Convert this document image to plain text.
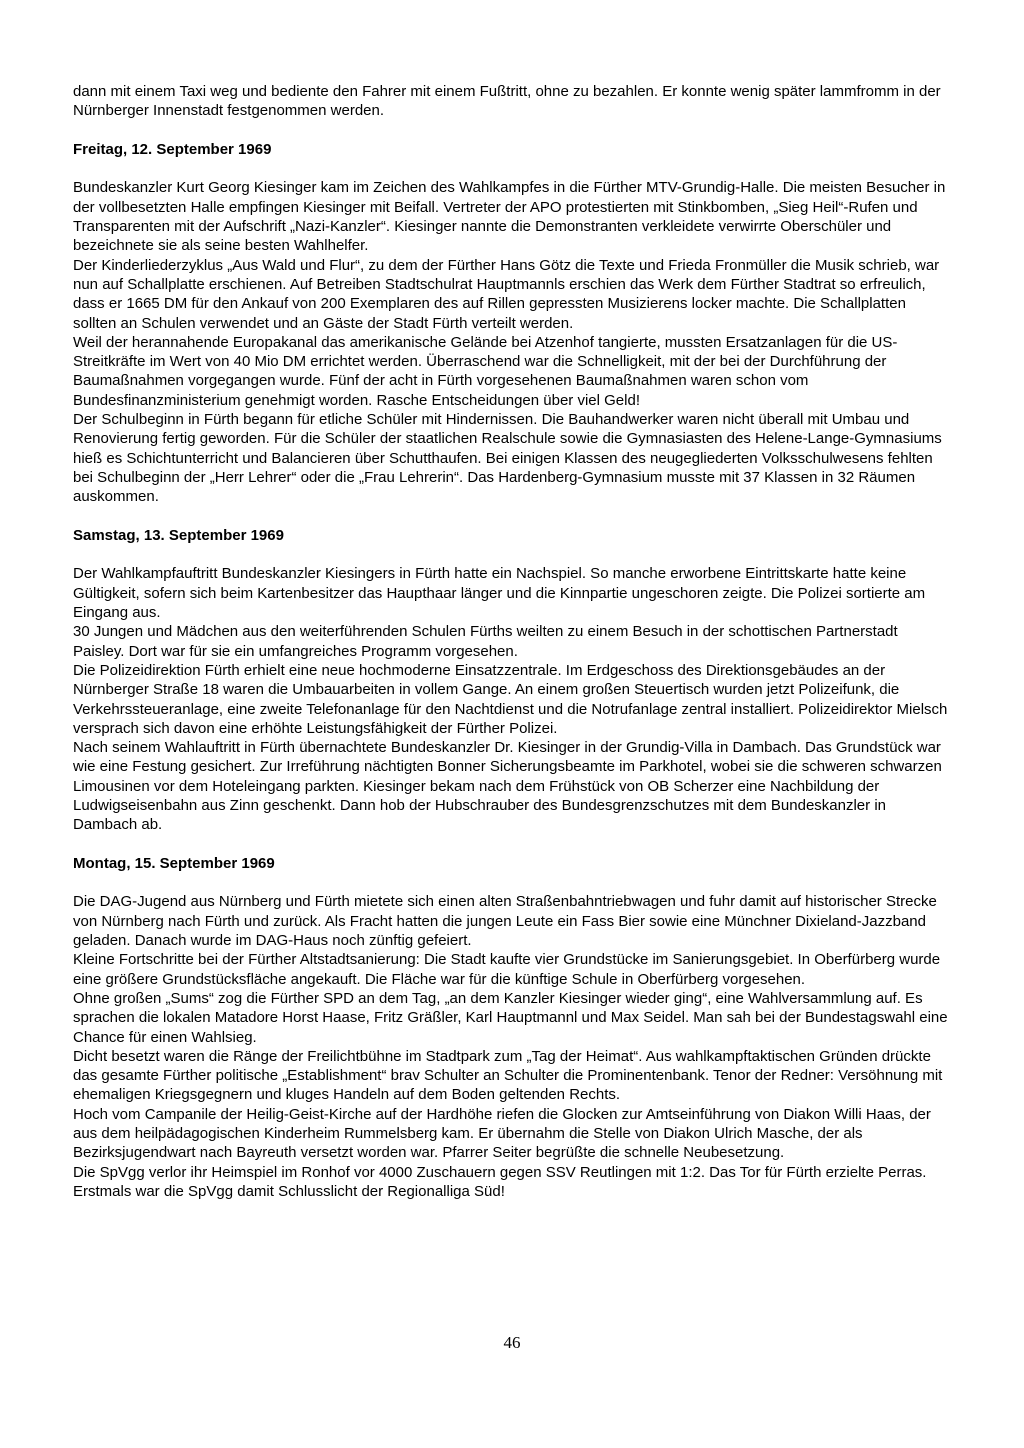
dann mit einem Taxi weg und bediente den Fahrer mit einem Fußtritt, ohne zu bezahlen. Er konnte wenig später lammfromm in der Nürnberger Innenstadt festgenommen werden.

Freitag, 12. September 1969

Bundeskanzler Kurt Georg Kiesinger kam im Zeichen des Wahlkampfes in die Fürther MTV-Grundig-Halle. Die meisten Besucher in der vollbesetzten Halle empfingen Kiesinger mit Beifall. Vertreter der APO protestierten mit Stinkbomben, „Sieg Heil“-Rufen und Transparenten mit der Aufschrift „Nazi-Kanzler“. Kiesinger nannte die Demonstranten verkleidete verwirrte Oberschüler und bezeichnete sie als seine besten Wahlhelfer.

Der Kinderliederzyklus „Aus Wald und Flur“, zu dem der Fürther Hans Götz die Texte und Frieda Fronmüller die Musik schrieb, war nun auf Schallplatte erschienen. Auf Betreiben Stadtschulrat Hauptmannls erschien das Werk dem Fürther Stadtrat so erfreulich, dass er 1665 DM für den Ankauf von 200 Exemplaren des auf Rillen gepressten Musizierens locker machte. Die Schallplatten sollten an Schulen verwendet und an Gäste der Stadt Fürth verteilt werden.

Weil der herannahende Europakanal das amerikanische Gelände bei Atzenhof tangierte, mussten Ersatzanlagen für die US-Streitkräfte im Wert von 40 Mio DM errichtet werden. Überraschend war die Schnelligkeit, mit der bei der Durchführung der Baumaßnahmen vorgegangen wurde. Fünf der acht in Fürth vorgesehenen Baumaßnahmen waren schon vom Bundesfinanzministerium genehmigt worden. Rasche Entscheidungen über viel Geld!

Der Schulbeginn in Fürth begann für etliche Schüler mit Hindernissen. Die Bauhandwerker waren nicht überall mit Umbau und Renovierung fertig geworden. Für die Schüler der staatlichen Realschule sowie die Gymnasiasten des Helene-Lange-Gymnasiums hieß es Schichtunterricht und Balancieren über Schutthaufen. Bei einigen Klassen des neugegliederten Volksschulwesens fehlten bei Schulbeginn der „Herr Lehrer“ oder die „Frau Lehrerin“. Das Hardenberg-Gymnasium musste mit 37 Klassen in 32 Räumen auskommen.

Samstag, 13. September 1969

Der Wahlkampfauftritt Bundeskanzler Kiesingers in Fürth hatte ein Nachspiel. So manche erworbene Eintrittskarte hatte keine Gültigkeit, sofern sich beim Kartenbesitzer das Haupthaar länger und die Kinnpartie ungeschoren zeigte. Die Polizei sortierte am Eingang aus.

30 Jungen und Mädchen aus den weiterführenden Schulen Fürths weilten zu einem Besuch in der schottischen Partnerstadt Paisley. Dort war für sie ein umfangreiches Programm vorgesehen.

Die Polizeidirektion Fürth erhielt eine neue hochmoderne Einsatzzentrale. Im Erdgeschoss des Direktionsgebäudes an der Nürnberger Straße 18 waren die Umbauarbeiten in vollem Gange. An einem großen Steuertisch wurden jetzt Polizeifunk, die Verkehrssteueranlage, eine zweite Telefonanlage für den Nachtdienst und die Notrufanlage zentral installiert. Polizeidirektor Mielsch versprach sich davon eine erhöhte Leistungsfähigkeit der Fürther Polizei.

Nach seinem Wahlauftritt in Fürth übernachtete Bundeskanzler Dr. Kiesinger in der Grundig-Villa in Dambach. Das Grundstück war wie eine Festung gesichert. Zur Irreführung nächtigten Bonner Sicherungsbeamte im Parkhotel, wobei sie die schweren schwarzen Limousinen vor dem Hoteleingang parkten. Kiesinger bekam nach dem Frühstück von OB Scherzer eine Nachbildung der Ludwigseisenbahn aus Zinn geschenkt. Dann hob der Hubschrauber des Bundesgrenzschutzes mit dem Bundeskanzler in Dambach ab.

Montag, 15. September 1969

Die DAG-Jugend aus Nürnberg und Fürth mietete sich einen alten Straßenbahntriebwagen und fuhr damit auf historischer Strecke von Nürnberg nach Fürth und zurück. Als Fracht hatten die jungen Leute ein Fass Bier sowie eine Münchner Dixieland-Jazzband geladen. Danach wurde im DAG-Haus noch zünftig gefeiert.

Kleine Fortschritte bei der Fürther Altstadtsanierung: Die Stadt kaufte vier Grundstücke im Sanierungsgebiet. In Oberfürberg wurde eine größere Grundstücksfläche angekauft. Die Fläche war für die künftige Schule in Oberfürberg vorgesehen.

Ohne großen „Sums“ zog die Fürther SPD an dem Tag, „an dem Kanzler Kiesinger wieder ging“, eine Wahlversammlung auf. Es sprachen die lokalen Matadore Horst Haase, Fritz Gräßler, Karl Hauptmannl und Max Seidel. Man sah bei der Bundestagswahl eine Chance für einen Wahlsieg.

Dicht besetzt waren die Ränge der Freilichtbühne im Stadtpark zum „Tag der Heimat“. Aus wahlkampftaktischen Gründen drückte das gesamte Fürther politische „Establishment“ brav Schulter an Schulter die Prominentenbank. Tenor der Redner: Versöhnung mit ehemaligen Kriegsgegnern und kluges Handeln auf dem Boden geltenden Rechts.

Hoch vom Campanile der Heilig-Geist-Kirche auf der Hardhöhe riefen die Glocken zur Amtseinführung von Diakon Willi Haas, der aus dem heilpädagogischen Kinderheim Rummelsberg kam. Er übernahm die Stelle von Diakon Ulrich Masche, der als Bezirksjugendwart nach Bayreuth versetzt worden war. Pfarrer Seiter begrüßte die schnelle Neubesetzung.

Die SpVgg verlor ihr Heimspiel im Ronhof vor 4000 Zuschauern gegen SSV Reutlingen mit 1:2. Das Tor für Fürth erzielte Perras. Erstmals war die SpVgg damit Schlusslicht der Regionalliga Süd!

46
